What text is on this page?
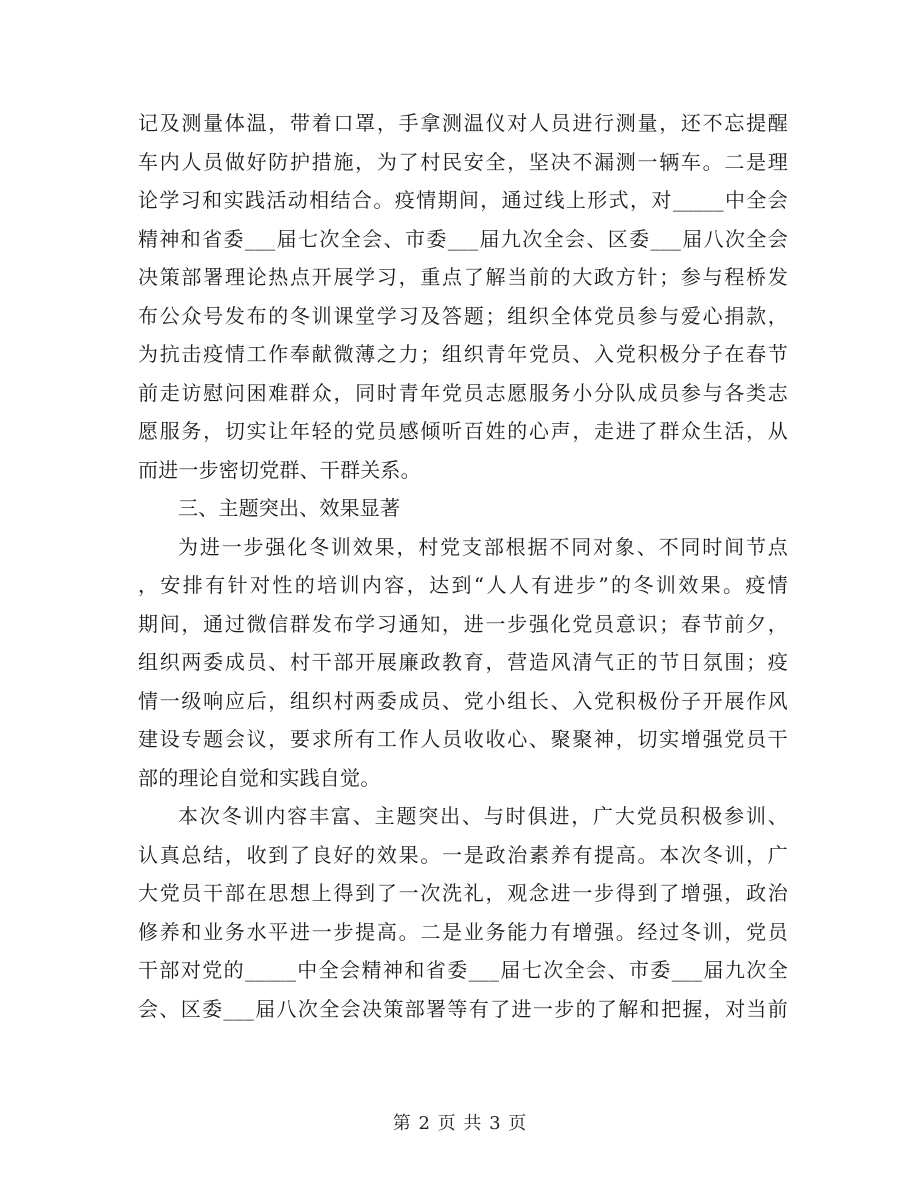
记及测量体温，带着口罩，手拿测温仪对人员进行测量，还不忘提醒
车内人员做好防护措施，为了村民安全，坚决不漏测一辆车。二是理
论学习和实践活动相结合。疫情期间，通过线上形式，对_____中全会
精神和省委___届七次全会、市委___届九次全会、区委___届八次全会
决策部署理论热点开展学习，重点了解当前的大政方针；参与程桥发
布公众号发布的冬训课堂学习及答题；组织全体党员参与爱心捐款，
为抗击疫情工作奉献微薄之力；组织青年党员、入党积极分子在春节
前走访慰问困难群众，同时青年党员志愿服务小分队成员参与各类志
愿服务，切实让年轻的党员感倾听百姓的心声，走进了群众生活，从
而进一步密切党群、干群关系。
三、主题突出、效果显著
为进一步强化冬训效果，村党支部根据不同对象、不同时间节点
，安排有针对性的培训内容，达到“人人有进步”的冬训效果。疫情
期间，通过微信群发布学习通知，进一步强化党员意识；春节前夕，
组织两委成员、村干部开展廉政教育，营造风清气正的节日氛围；疫
情一级响应后，组织村两委成员、党小组长、入党积极份子开展作风
建设专题会议，要求所有工作人员收收心、聚聚神，切实增强党员干
部的理论自觉和实践自觉。
本次冬训内容丰富、主题突出、与时俱进，广大党员积极参训、
认真总结，收到了良好的效果。一是政治素养有提高。本次冬训，广
大党员干部在思想上得到了一次洗礼，观念进一步得到了增强，政治
修养和业务水平进一步提高。二是业务能力有增强。经过冬训，党员
干部对党的_____中全会精神和省委___届七次全会、市委___届九次全
会、区委___届八次全会决策部署等有了进一步的了解和把握，对当前
第 2 页 共 3 页
